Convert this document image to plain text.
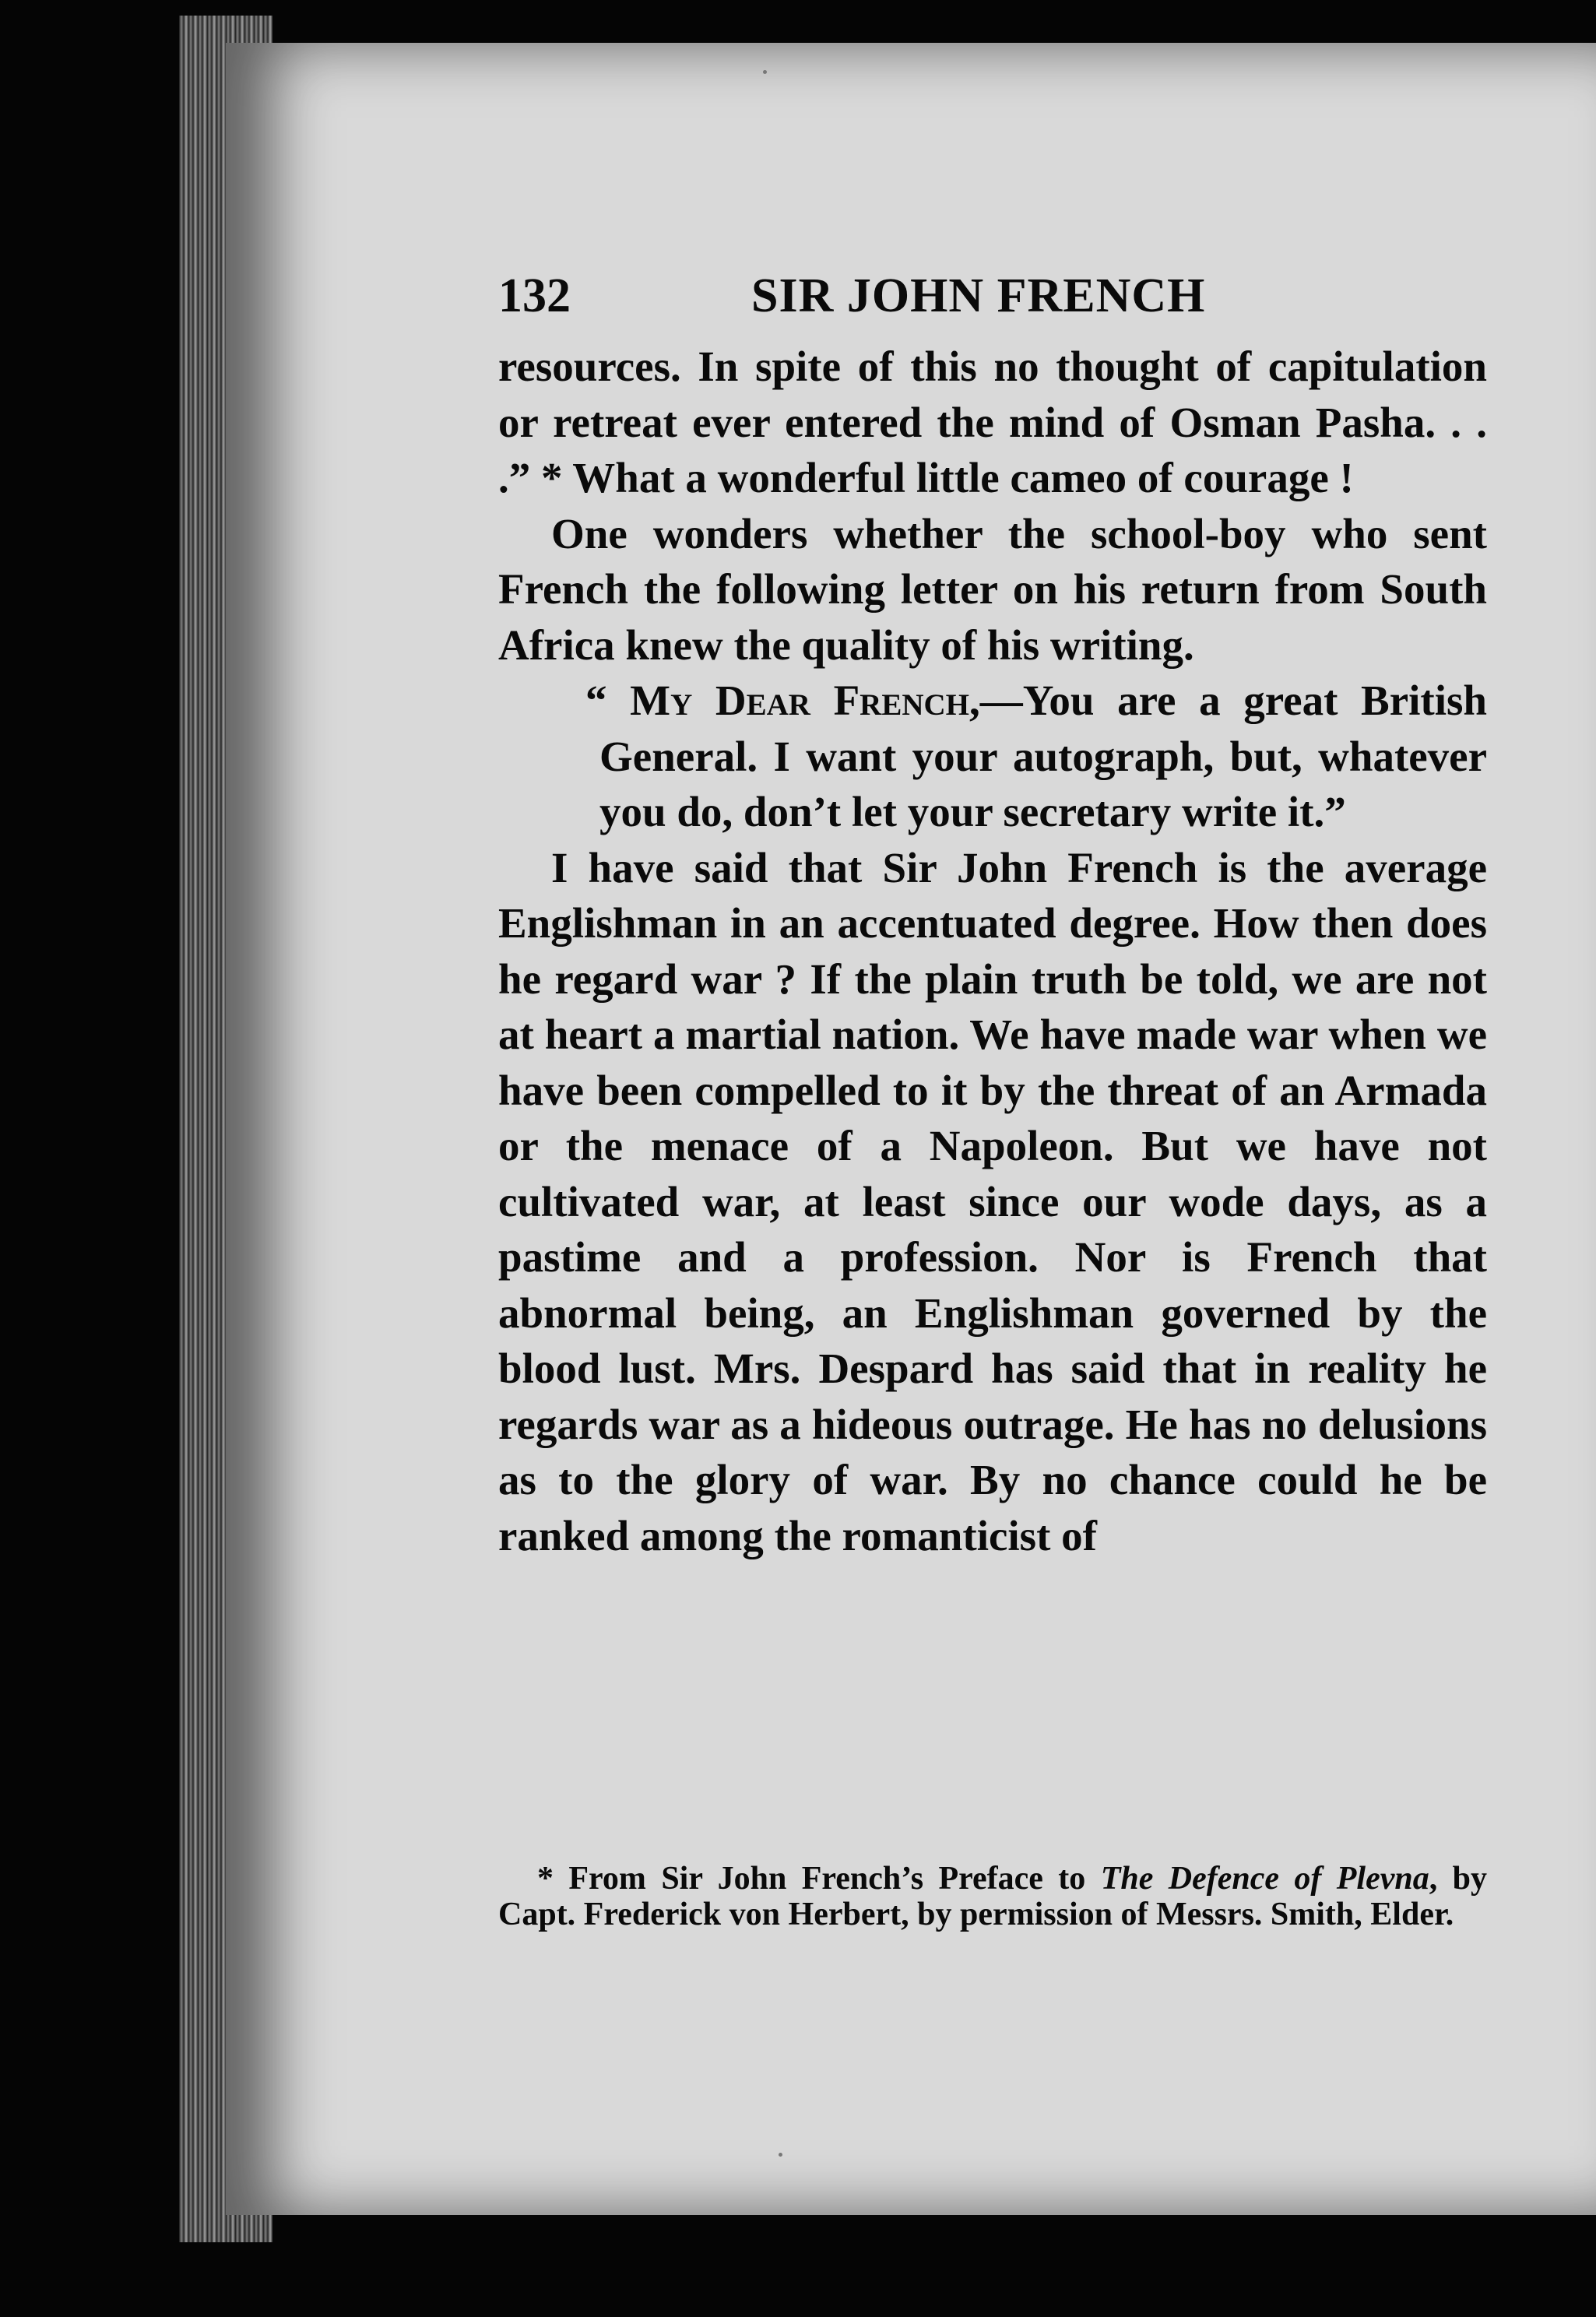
132	SIR JOHN FRENCH

resources. In spite of this no thought of capitulation or retreat ever entered the mind of Osman Pasha. . . .” * What a wonderful little cameo of courage !

One wonders whether the school-boy who sent French the following letter on his return from South Africa knew the quality of his writing.

“ My Dear French,—You are a great British General. I want your autograph, but, whatever you do, don’t let your secretary write it.”

I have said that Sir John French is the average Englishman in an accentuated degree. How then does he regard war ? If the plain truth be told, we are not at heart a martial nation. We have made war when we have been compelled to it by the threat of an Armada or the menace of a Napoleon. But we have not cultivated war, at least since our wode days, as a pastime and a profession. Nor is French that abnormal being, an Englishman governed by the blood lust. Mrs. Despard has said that in reality he regards war as a hideous outrage. He has no delusions as to the glory of war. By no chance could he be ranked among the romanticist of

* From Sir John French’s Preface to The Defence of Plevna, by Capt. Frederick von Herbert, by permission of Messrs. Smith, Elder.
